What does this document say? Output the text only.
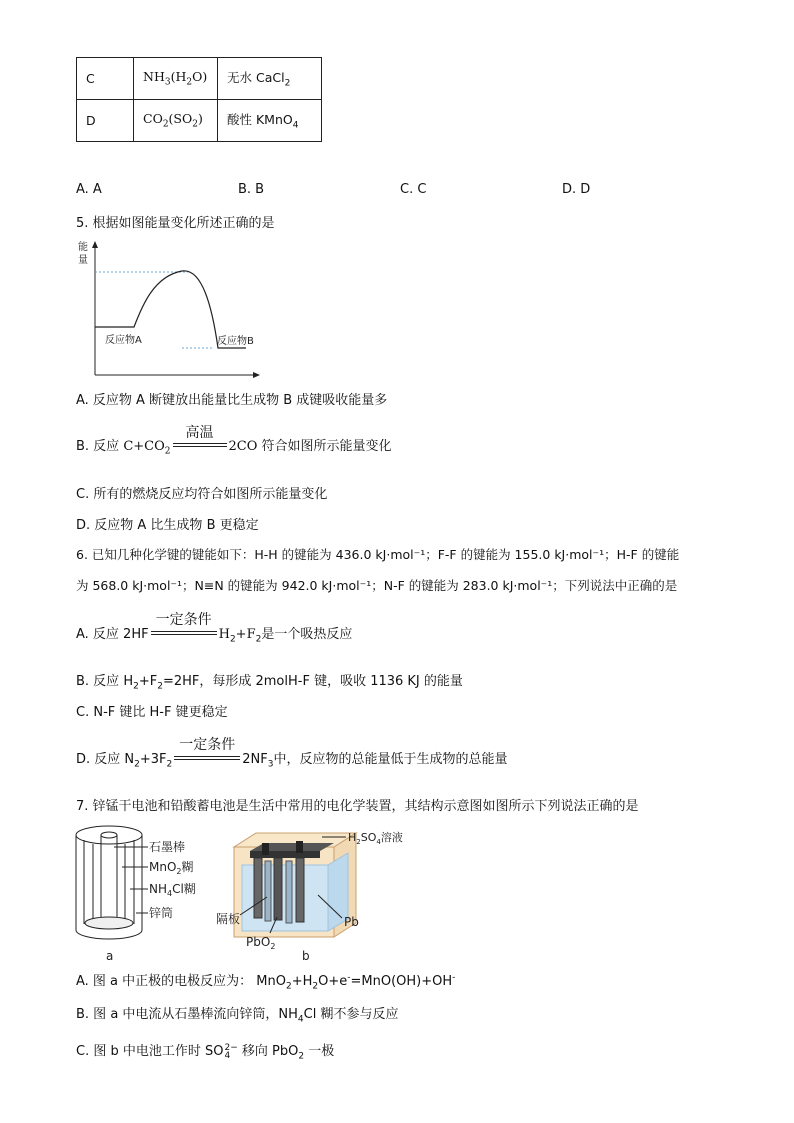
C	$NH_3(H_2O)$	无水 CaCl$_2$
D	$CO_2(SO_2)$	酸性 KMnO$_4$
A. A	B. B	C. C	D. D
5. 根据如图能量变化所述正确的是
能
量
反应物A	反应物B
A. 反应物 A 断键放出能量比生成物 B 成键吸收能量多
B. 反应 $C+CO_2$
高温
2CO 符合如图所示能量变化
C. 所有的燃烧反应均符合如图所示能量变化
D. 反应物 A 比生成物 B 更稳定
6. 已知几种化学键的键能如下：H-H 的键能为 436.0 kJ·mol⁻¹；F-F 的键能为 155.0 kJ·mol⁻¹；H-F 的键能
为 568.0 kJ·mol⁻¹；N≡N 的键能为 942.0 kJ·mol⁻¹；N-F 的键能为 283.0 kJ·mol⁻¹；下列说法中正确的是
A. 反应 2HF
一定条件
$H_2+F_2$是一个吸热反应
B. 反应 $H_2+F_2=2HF$，每形成 2molH-F 键，吸收 1136 KJ 的能量
C. N-F 键比 H-F 键更稳定
D. 反应 $N_2+3F_2$
一定条件
$2NF_3$中，反应物的总能量低于生成物的总能量
7. 锌锰干电池和铅酸蓄电池是生活中常用的电化学装置，其结构示意图如图所示下列说法正确的是
石墨棒
MnO$_2$糊
$NH_4Cl$糊
锌筒
a
$H_2SO_4$溶液
隔板
PbO$_2$
Pb
b
A. 图 a 中正极的电极反应为： $MnO_2+H_2O+e^-=MnO(OH)+OH^-$
B. 图 a 中电流从石墨棒流向锌筒，$NH_4Cl$ 糊不参与反应
C. 图 b 中电池工作时 SO 2−
4 移向 PbO$_2$ 一极
